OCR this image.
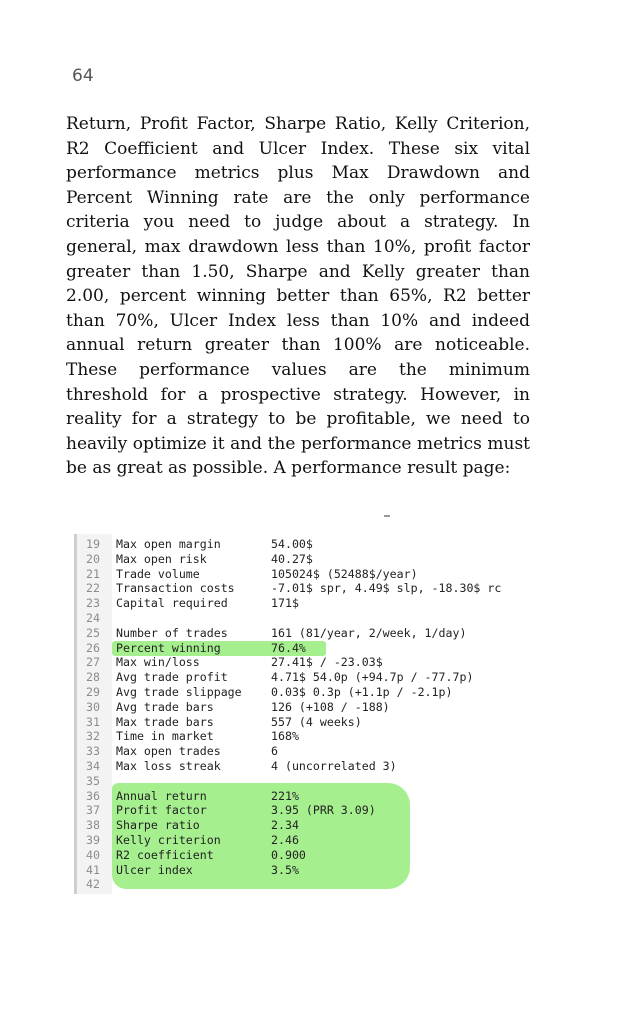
64

Return, Profit Factor, Sharpe Ratio, Kelly Criterion, R2 Coefficient and Ulcer Index. These six vital performance metrics plus Max Drawdown and Percent Winning rate are the only performance criteria you need to judge about a strategy. In general, max drawdown less than 10%, profit factor greater than 1.50, Sharpe and Kelly greater than 2.00, percent winning better than 65%, R2 better than 70%, Ulcer Index less than 10% and indeed annual return greater than 100% are noticeable. These performance values are the minimum threshold for a prospective strategy. However, in reality for a strategy to be profitable, we need to heavily optimize it and the performance metrics must be as great as possible. A performance result page:

19	Max open margin	54.00$
20	Max open risk	40.27$
21	Trade volume	105024$ (52488$/year)
22	Transaction costs	-7.01$ spr, 4.49$ slp, -18.30$ rc
23	Capital required	171$
24
25	Number of trades	161 (81/year, 2/week, 1/day)
26	Percent winning	76.4%
27	Max win/loss	27.41$ / -23.03$
28	Avg trade profit	4.71$ 54.0p (+94.7p / -77.7p)
29	Avg trade slippage	0.03$ 0.3p (+1.1p / -2.1p)
30	Avg trade bars	126 (+108 / -188)
31	Max trade bars	557 (4 weeks)
32	Time in market	168%
33	Max open trades	6
34	Max loss streak	4 (uncorrelated 3)
35
36	Annual return	221%
37	Profit factor	3.95 (PRR 3.09)
38	Sharpe ratio	2.34
39	Kelly criterion	2.46
40	R2 coefficient	0.900
41	Ulcer index	3.5%
42
